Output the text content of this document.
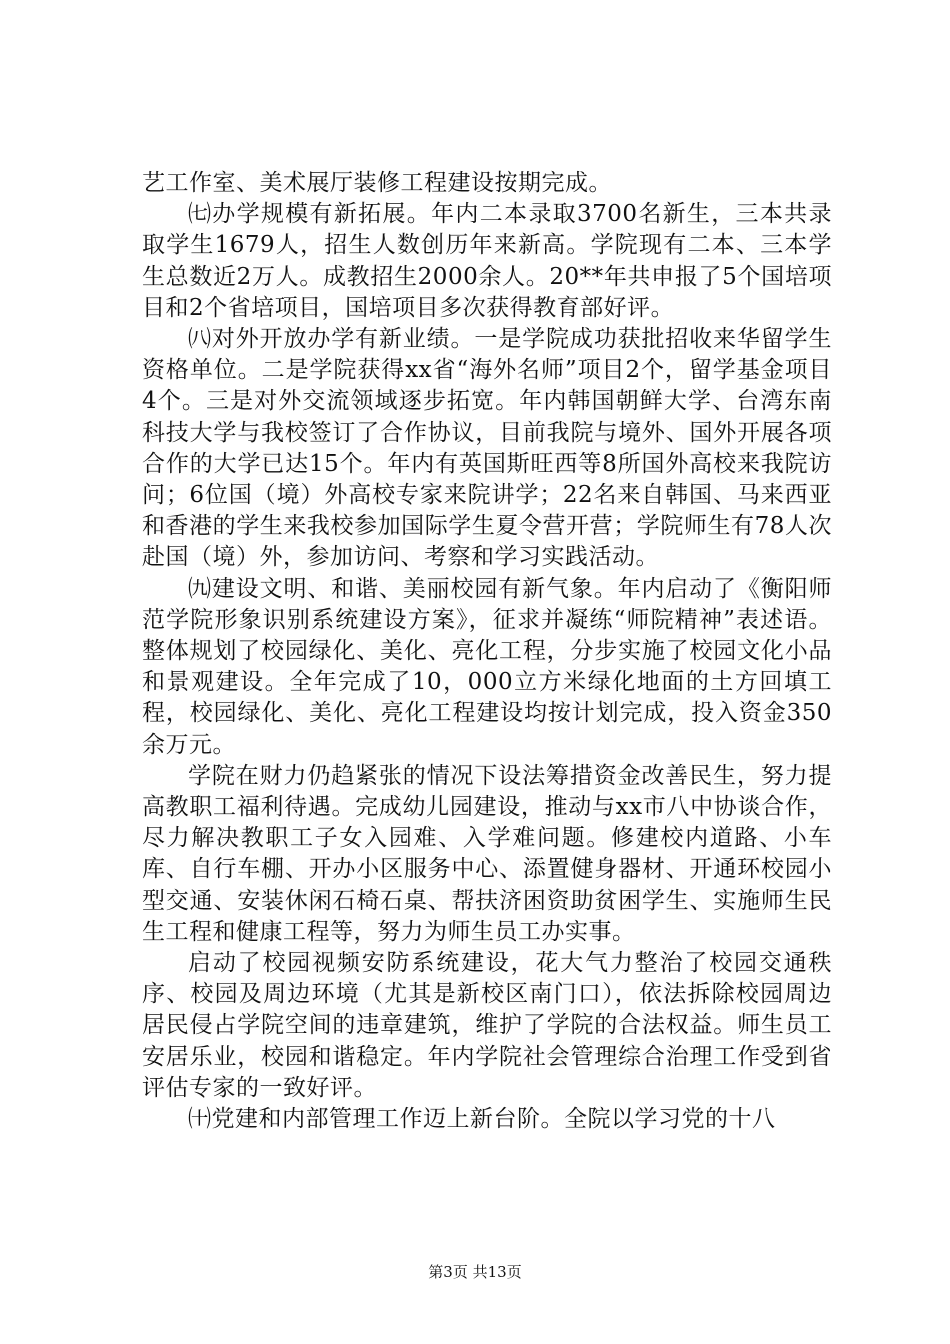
艺工作室、美术展厅装修工程建设按期完成。

㈦办学规模有新拓展。年内二本录取3700名新生，三本共录取学生1679人，招生人数创历年来新高。学院现有二本、三本学生总数近2万人。成教招生2000余人。20**年共申报了5个国培项目和2个省培项目，国培项目多次获得教育部好评。

㈧对外开放办学有新业绩。一是学院成功获批招收来华留学生资格单位。二是学院获得xx省“海外名师”项目2个，留学基金项目4个。三是对外交流领域逐步拓宽。年内韩国朝鲜大学、台湾东南科技大学与我校签订了合作协议，目前我院与境外、国外开展各项合作的大学已达15个。年内有英国斯旺西等8所国外高校来我院访问；6位国（境）外高校专家来院讲学；22名来自韩国、马来西亚和香港的学生来我校参加国际学生夏令营开营；学院师生有78人次赴国（境）外，参加访问、考察和学习实践活动。

㈨建设文明、和谐、美丽校园有新气象。年内启动了《衡阳师范学院形象识别系统建设方案》，征求并凝练“师院精神”表述语。整体规划了校园绿化、美化、亮化工程，分步实施了校园文化小品和景观建设。全年完成了10，000立方米绿化地面的土方回填工程，校园绿化、美化、亮化工程建设均按计划完成，投入资金350余万元。

学院在财力仍趋紧张的情况下设法筹措资金改善民生，努力提高教职工福利待遇。完成幼儿园建设，推动与xx市八中协谈合作，尽力解决教职工子女入园难、入学难问题。修建校内道路、小车库、自行车棚、开办小区服务中心、添置健身器材、开通环校园小型交通、安装休闲石椅石桌、帮扶济困资助贫困学生、实施师生民生工程和健康工程等，努力为师生员工办实事。

启动了校园视频安防系统建设，花大气力整治了校园交通秩序、校园及周边环境（尤其是新校区南门口），依法拆除校园周边居民侵占学院空间的违章建筑，维护了学院的合法权益。师生员工安居乐业，校园和谐稳定。年内学院社会管理综合治理工作受到省评估专家的一致好评。

㈩党建和内部管理工作迈上新台阶。全院以学习党的十八

第3页 共13页
